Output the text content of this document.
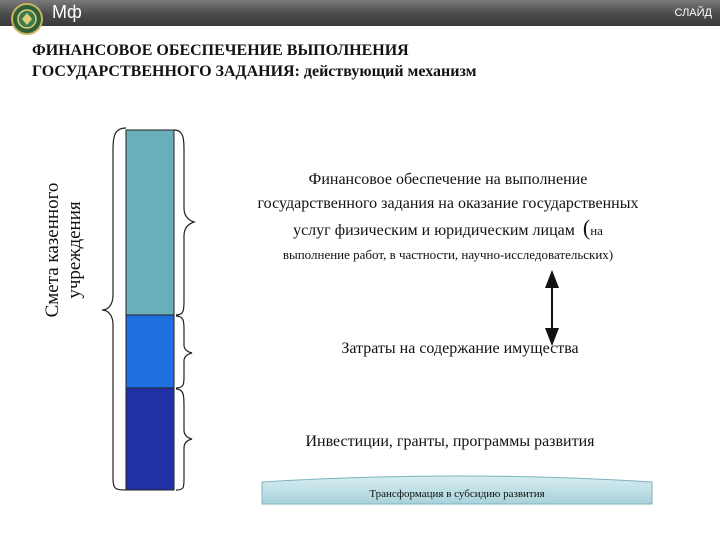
Мф	СЛАЙД
ФИНАНСОВОЕ ОБЕСПЕЧЕНИЕ ВЫПОЛНЕНИЯ
ГОСУДАРСТВЕННОГО ЗАДАНИЯ: действующий механизм
Смета казенного учреждения
Финансовое обеспечение на выполнение
государственного задания на оказание государственных
услуг физическим и юридическим лицам (на
выполнение работ, в частности, научно-исследовательских)
Затраты на содержание имущества
Инвестиции, гранты, программы развития
Трансформация в субсидию развития
